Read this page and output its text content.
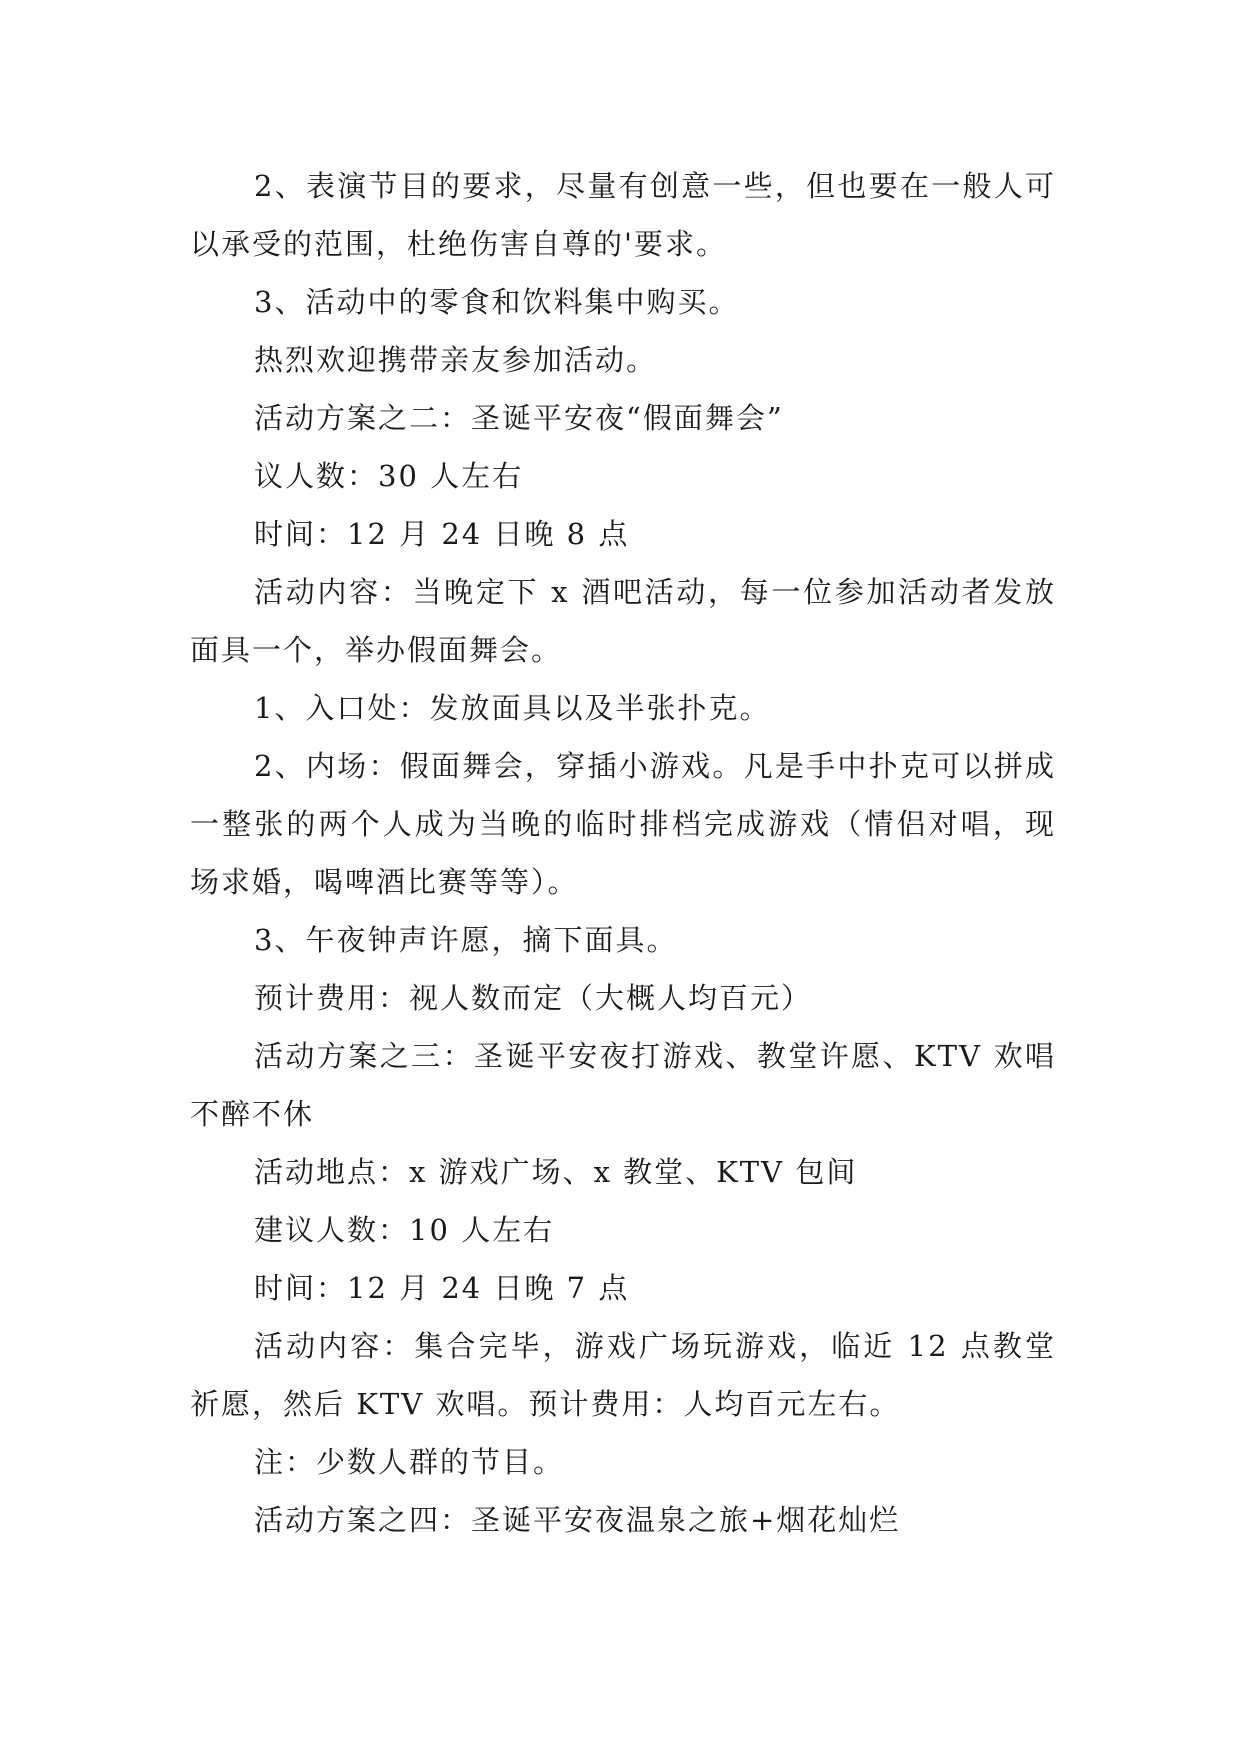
2、表演节目的要求，尽量有创意一些，但也要在一般人可以承受的范围，杜绝伤害自尊的'要求。

3、活动中的零食和饮料集中购买。

热烈欢迎携带亲友参加活动。

活动方案之二：圣诞平安夜“假面舞会”

议人数：30 人左右

时间：12 月 24 日晚 8 点

活动内容：当晚定下 x 酒吧活动，每一位参加活动者发放面具一个，举办假面舞会。

1、入口处：发放面具以及半张扑克。

2、内场：假面舞会，穿插小游戏。凡是手中扑克可以拼成一整张的两个人成为当晚的临时排档完成游戏（情侣对唱，现场求婚，喝啤酒比赛等等）。

3、午夜钟声许愿，摘下面具。

预计费用：视人数而定（大概人均百元）

活动方案之三：圣诞平安夜打游戏、教堂许愿、KTV 欢唱不醉不休

活动地点：x 游戏广场、x 教堂、KTV 包间

建议人数：10 人左右

时间：12 月 24 日晚 7 点

活动内容：集合完毕，游戏广场玩游戏，临近 12 点教堂祈愿，然后 KTV 欢唱。预计费用：人均百元左右。

注：少数人群的节目。

活动方案之四：圣诞平安夜温泉之旅+烟花灿烂
